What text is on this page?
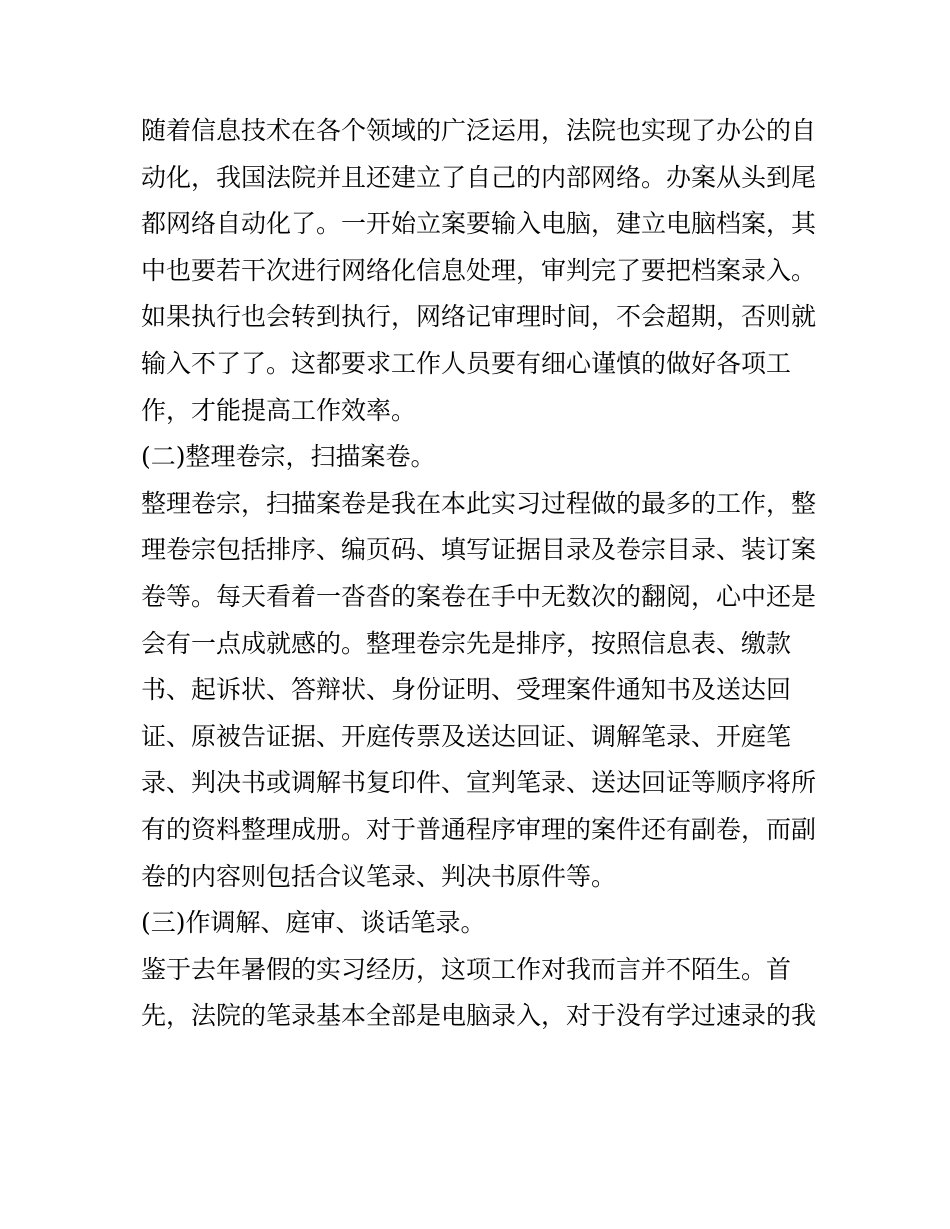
随着信息技术在各个领域的广泛运用，法院也实现了办公的自
动化，我国法院并且还建立了自己的内部网络。办案从头到尾
都网络自动化了。一开始立案要输入电脑，建立电脑档案，其
中也要若干次进行网络化信息处理，审判完了要把档案录入。
如果执行也会转到执行，网络记审理时间，不会超期，否则就
输入不了了。这都要求工作人员要有细心谨慎的做好各项工
作，才能提高工作效率。
(二)整理卷宗，扫描案卷。
整理卷宗，扫描案卷是我在本此实习过程做的最多的工作，整
理卷宗包括排序、编页码、填写证据目录及卷宗目录、装订案
卷等。每天看着一沓沓的案卷在手中无数次的翻阅，心中还是
会有一点成就感的。整理卷宗先是排序，按照信息表、缴款
书、起诉状、答辩状、身份证明、受理案件通知书及送达回
证、原被告证据、开庭传票及送达回证、调解笔录、开庭笔
录、判决书或调解书复印件、宣判笔录、送达回证等顺序将所
有的资料整理成册。对于普通程序审理的案件还有副卷，而副
卷的内容则包括合议笔录、判决书原件等。
(三)作调解、庭审、谈话笔录。
鉴于去年暑假的实习经历，这项工作对我而言并不陌生。首
先，法院的笔录基本全部是电脑录入，对于没有学过速录的我
